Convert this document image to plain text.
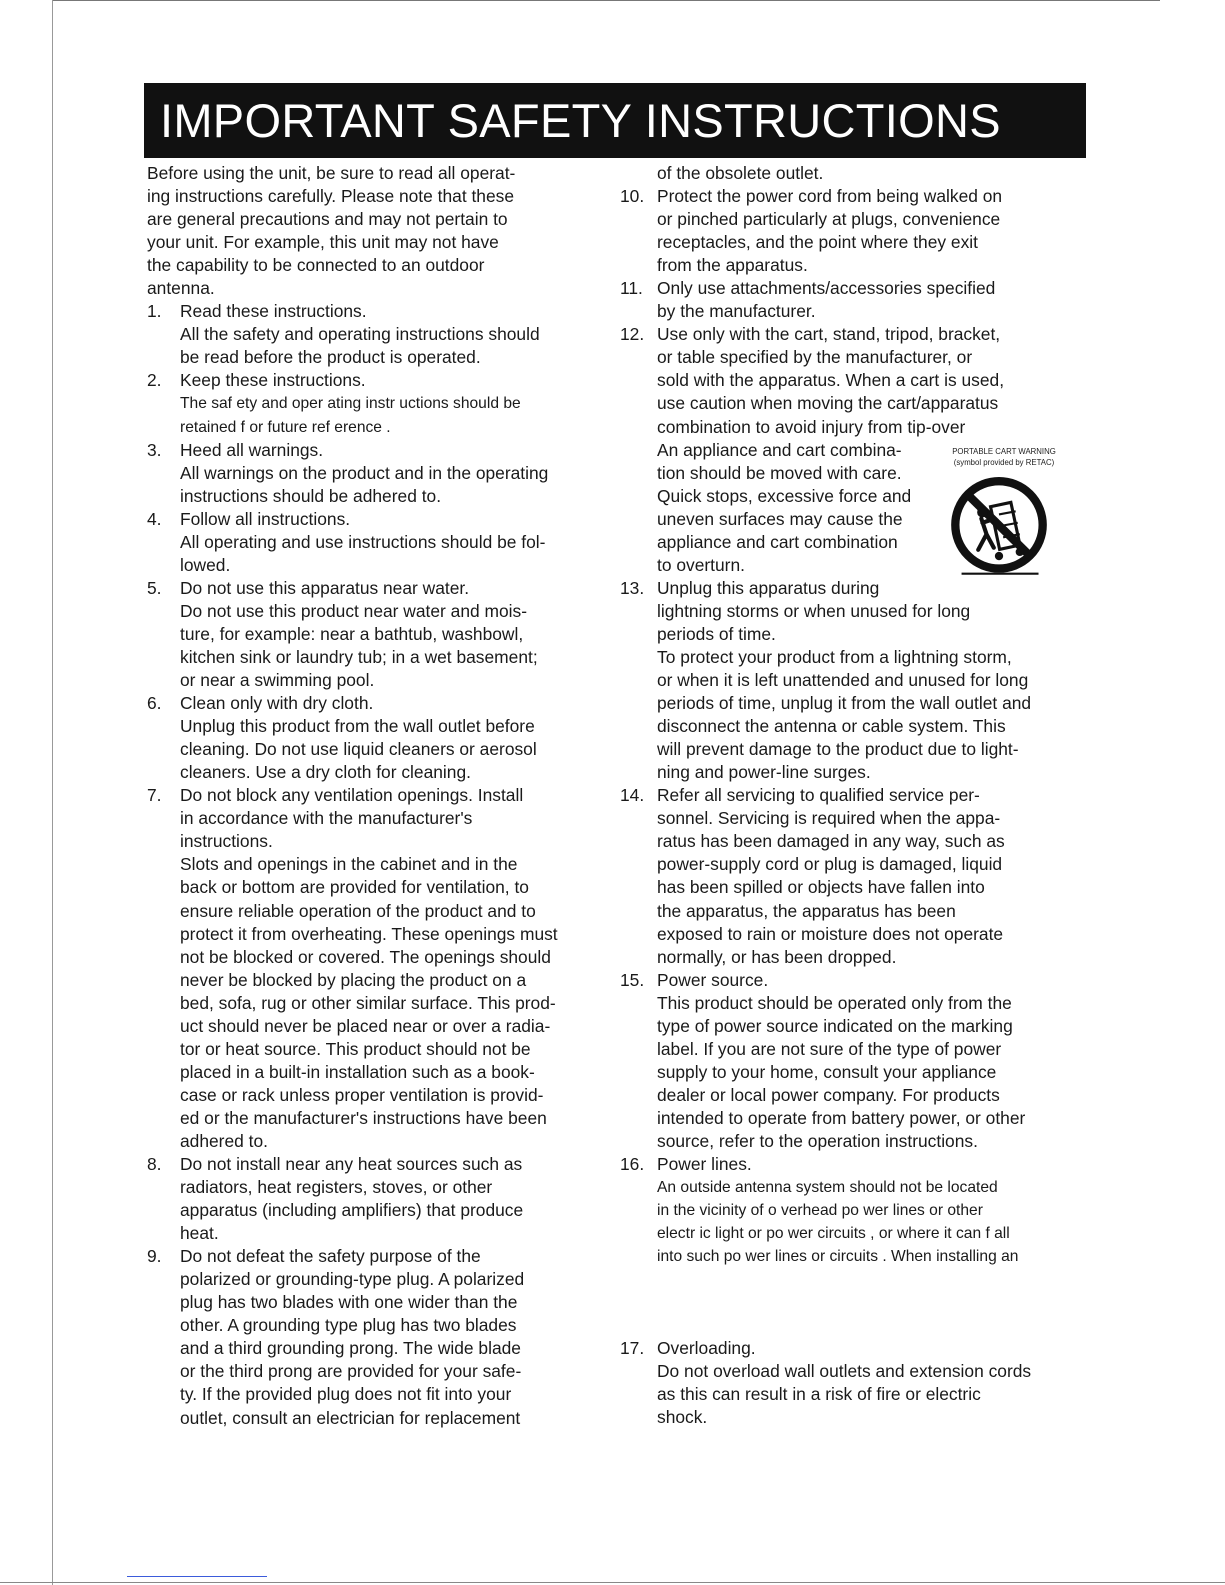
IMPORTANT SAFETY INSTRUCTIONS
Before using the unit, be sure to read all operat-
ing instructions carefully. Please note that these
are general precautions and may not pertain to
your unit. For example, this unit may not have
the capability to be connected to an outdoor
antenna.
1. Read these instructions.
All the safety and operating instructions should
be read before the product is operated.
2. Keep these instructions.
The saf ety and oper ating instr uctions should be
retained f or future ref erence .
3. Heed all warnings.
All warnings on the product and in the operating
instructions should be adhered to.
4. Follow all instructions.
All operating and use instructions should be fol-
lowed.
5. Do not use this apparatus near water.
Do not use this product near water and mois-
ture, for example: near a bathtub, washbowl,
kitchen sink or laundry tub; in a wet basement;
or near a swimming pool.
6. Clean only with dry cloth.
Unplug this product from the wall outlet before
cleaning. Do not use liquid cleaners or aerosol
cleaners. Use a dry cloth for cleaning.
7. Do not block any ventilation openings. Install
in accordance with the manufacturer's
instructions.
Slots and openings in the cabinet and in the
back or bottom are provided for ventilation, to
ensure reliable operation of the product and to
protect it from overheating. These openings must
not be blocked or covered. The openings should
never be blocked by placing the product on a
bed, sofa, rug or other similar surface. This prod-
uct should never be placed near or over a radia-
tor or heat source. This product should not be
placed in a built-in installation such as a book-
case or rack unless proper ventilation is provid-
ed or the manufacturer's instructions have been
adhered to.
8. Do not install near any heat sources such as
radiators, heat registers, stoves, or other
apparatus (including amplifiers) that produce
heat.
9. Do not defeat the safety purpose of the
polarized or grounding-type plug. A polarized
plug has two blades with one wider than the
other. A grounding type plug has two blades
and a third grounding prong. The wide blade
or the third prong are provided for your safe-
ty. If the provided plug does not fit into your
outlet, consult an electrician for replacement
of the obsolete outlet.
10. Protect the power cord from being walked on
or pinched particularly at plugs, convenience
receptacles, and the point where they exit
from the apparatus.
11. Only use attachments/accessories specified
by the manufacturer.
12. Use only with the cart, stand, tripod, bracket,
or table specified by the manufacturer, or
sold with the apparatus. When a cart is used,
use caution when moving the cart/apparatus
combination to avoid injury from tip-over
An appliance and cart combina-
tion should be moved with care.
Quick stops, excessive force and
uneven surfaces may cause the
appliance and cart combination
to overturn.
13. Unplug this apparatus during
lightning storms or when unused for long
periods of time.
To protect your product from a lightning storm,
or when it is left unattended and unused for long
periods of time, unplug it from the wall outlet and
disconnect the antenna or cable system. This
will prevent damage to the product due to light-
ning and power-line surges.
14. Refer all servicing to qualified service per-
sonnel. Servicing is required when the appa-
ratus has been damaged in any way, such as
power-supply cord or plug is damaged, liquid
has been spilled or objects have fallen into
the apparatus, the apparatus has been
exposed to rain or moisture does not operate
normally, or has been dropped.
15. Power source.
This product should be operated only from the
type of power source indicated on the marking
label. If you are not sure of the type of power
supply to your home, consult your appliance
dealer or local power company. For products
intended to operate from battery power, or other
source, refer to the operation instructions.
16. Power lines.
An outside antenna system should not be located
in the vicinity of o verhead po wer lines or other
electr ic light or po wer circuits , or where it can f all
into such po wer lines or circuits . When installing an
17. Overloading.
Do not overload wall outlets and extension cords
as this can result in a risk of fire or electric
shock.
PORTABLE CART WARNING
(symbol provided by RETAC)
